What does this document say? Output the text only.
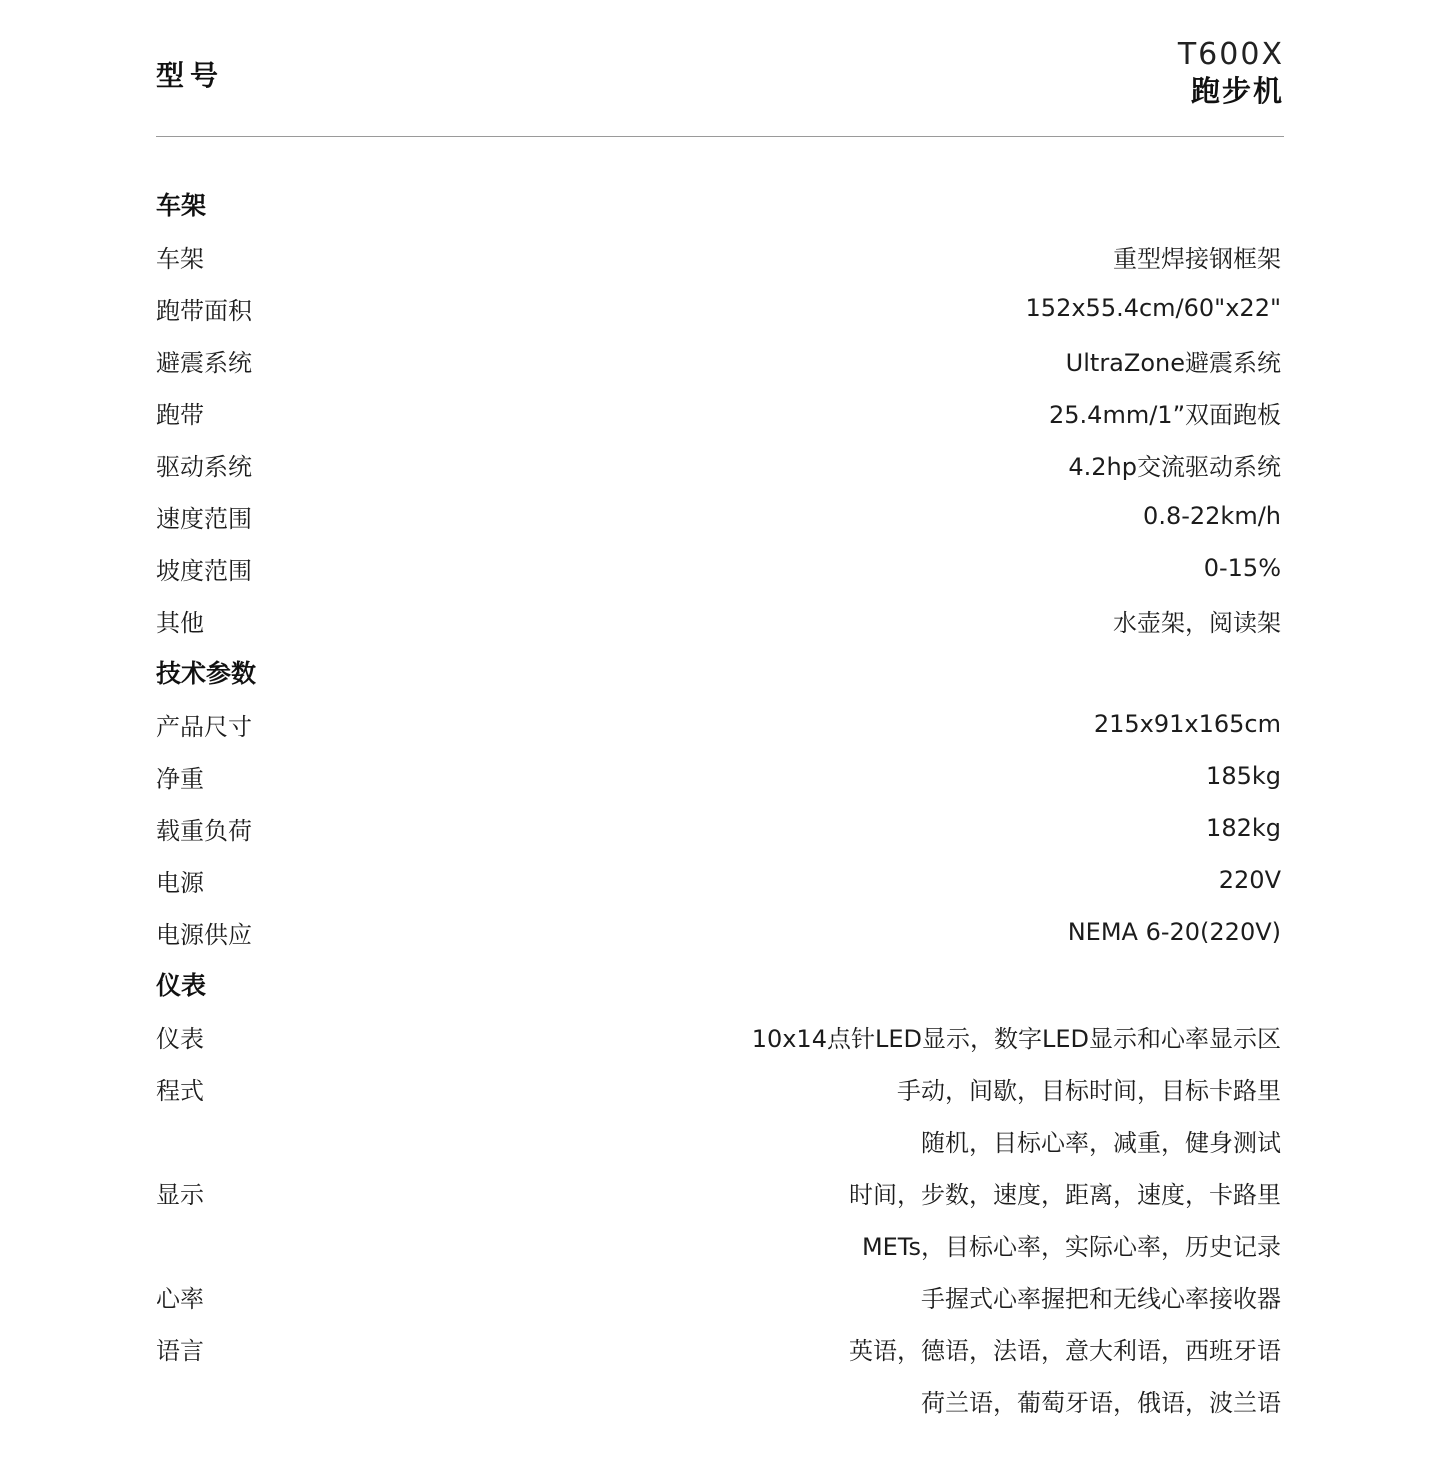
型号
T600X
跑步机
车架
车架	重型焊接钢框架
跑带面积	152x55.4cm/60"x22"
避震系统	UltraZone避震系统
跑带	25.4mm/1”双面跑板
驱动系统	4.2hp交流驱动系统
速度范围	0.8-22km/h
坡度范围	0-15%
其他	水壶架，阅读架
技术参数
产品尺寸	215x91x165cm
净重	185kg
载重负荷	182kg
电源	220V
电源供应	NEMA 6-20(220V)
仪表
仪表	10x14点针LED显示，数字LED显示和心率显示区
程式	手动，间歇，目标时间，目标卡路里
随机，目标心率，减重，健身测试
显示	时间，步数，速度，距离，速度，卡路里
METs，目标心率，实际心率，历史记录
心率	手握式心率握把和无线心率接收器
语言	英语，德语，法语，意大利语，西班牙语
荷兰语，葡萄牙语，俄语，波兰语
